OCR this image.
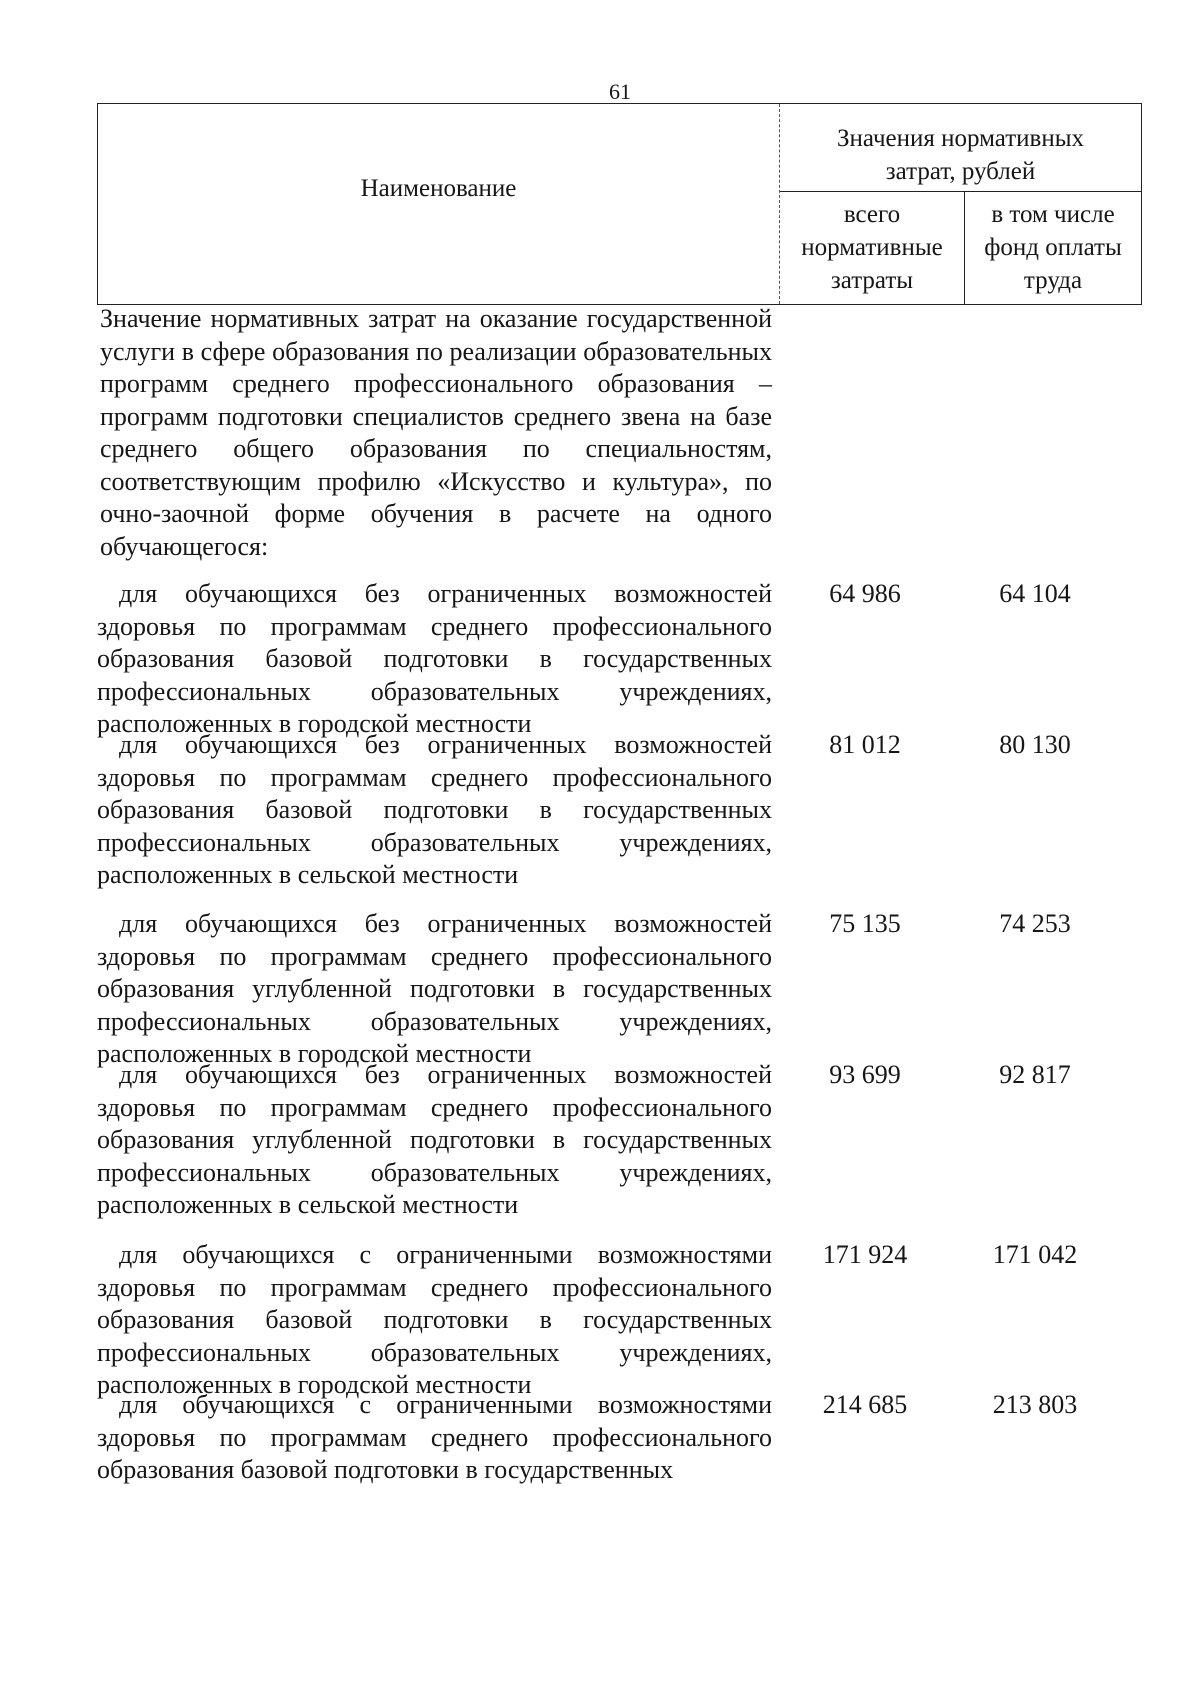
61
Наименование
Значения нормативных
затрат, рублей
всего
нормативные
затраты
в том числе
фонд оплаты
труда
Значение нормативных затрат на оказание государственной услуги в сфере образования по реализации образовательных программ среднего профессионального образования – программ подготовки специалистов среднего звена на базе среднего общего образования по специальностям, соответствующим профилю «Искусство и культура», по очно-заочной форме обучения в расчете на одного обучающегося:
для обучающихся без ограниченных возможностей здоровья по программам среднего профессионального образования базовой подготовки в государственных профессиональных образовательных учреждениях, расположенных в городской местности
64 986	64 104
для обучающихся без ограниченных возможностей здоровья по программам среднего профессионального образования базовой подготовки в государственных профессиональных образовательных учреждениях, расположенных в сельской местности
81 012	80 130
для обучающихся без ограниченных возможностей здоровья по программам среднего профессионального образования углубленной подготовки в государственных профессиональных образовательных учреждениях, расположенных в городской местности
75 135	74 253
для обучающихся без ограниченных возможностей здоровья по программам среднего профессионального образования углубленной подготовки в государственных профессиональных образовательных учреждениях, расположенных в сельской местности
93 699	92 817
для обучающихся с ограниченными возможностями здоровья по программам среднего профессионального образования базовой подготовки в государственных профессиональных образовательных учреждениях, расположенных в городской местности
171 924	171 042
для обучающихся с ограниченными возможностями здоровья по программам среднего профессионального образования базовой подготовки в государственных
214 685	213 803
